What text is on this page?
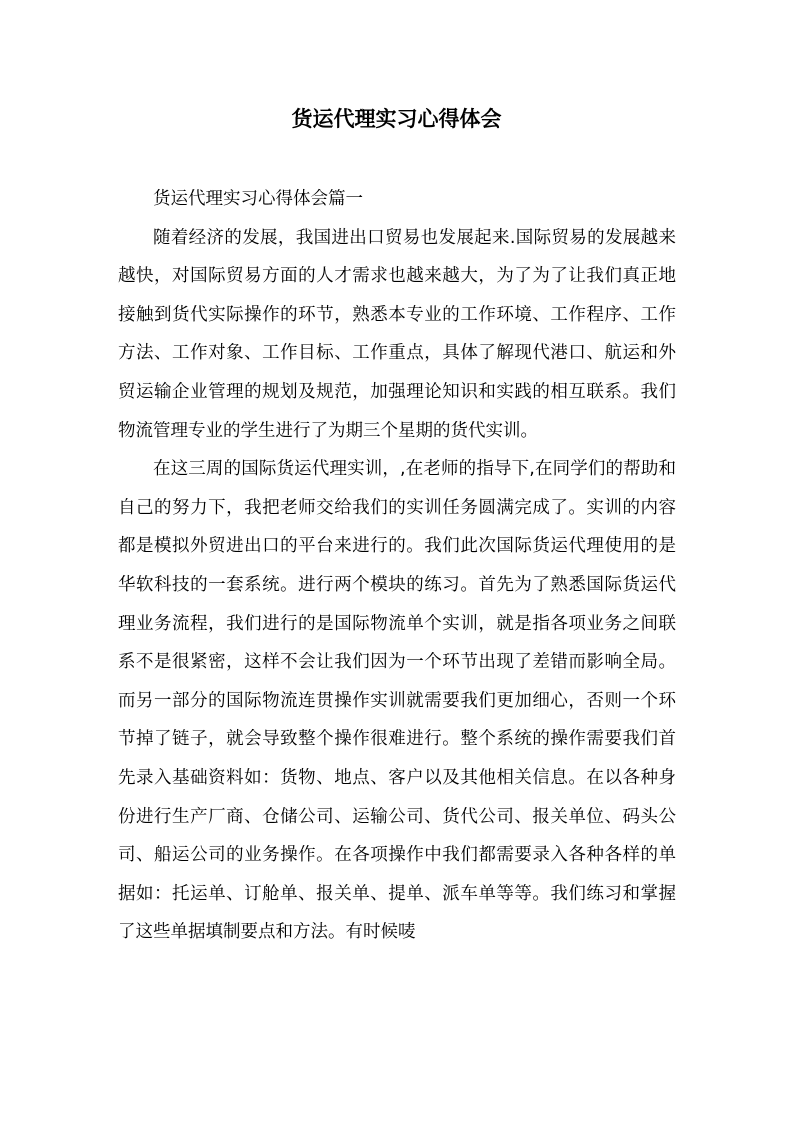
货运代理实习心得体会

货运代理实习心得体会篇一

随着经济的发展，我国进出口贸易也发展起来.国际贸易的发展越来越快，对国际贸易方面的人才需求也越来越大，为了为了让我们真正地接触到货代实际操作的环节，熟悉本专业的工作环境、工作程序、工作方法、工作对象、工作目标、工作重点，具体了解现代港口、航运和外贸运输企业管理的规划及规范，加强理论知识和实践的相互联系。我们物流管理专业的学生进行了为期三个星期的货代实训。

在这三周的国际货运代理实训，,在老师的指导下,在同学们的帮助和自己的努力下，我把老师交给我们的实训任务圆满完成了。实训的内容都是模拟外贸进出口的平台来进行的。我们此次国际货运代理使用的是华软科技的一套系统。进行两个模块的练习。首先为了熟悉国际货运代理业务流程，我们进行的是国际物流单个实训，就是指各项业务之间联系不是很紧密，这样不会让我们因为一个环节出现了差错而影响全局。而另一部分的国际物流连贯操作实训就需要我们更加细心，否则一个环节掉了链子，就会导致整个操作很难进行。整个系统的操作需要我们首先录入基础资料如：货物、地点、客户以及其他相关信息。在以各种身份进行生产厂商、仓储公司、运输公司、货代公司、报关单位、码头公司、船运公司的业务操作。在各项操作中我们都需要录入各种各样的单据如：托运单、订舱单、报关单、提单、派车单等等。我们练习和掌握了这些单据填制要点和方法。有时候唛
